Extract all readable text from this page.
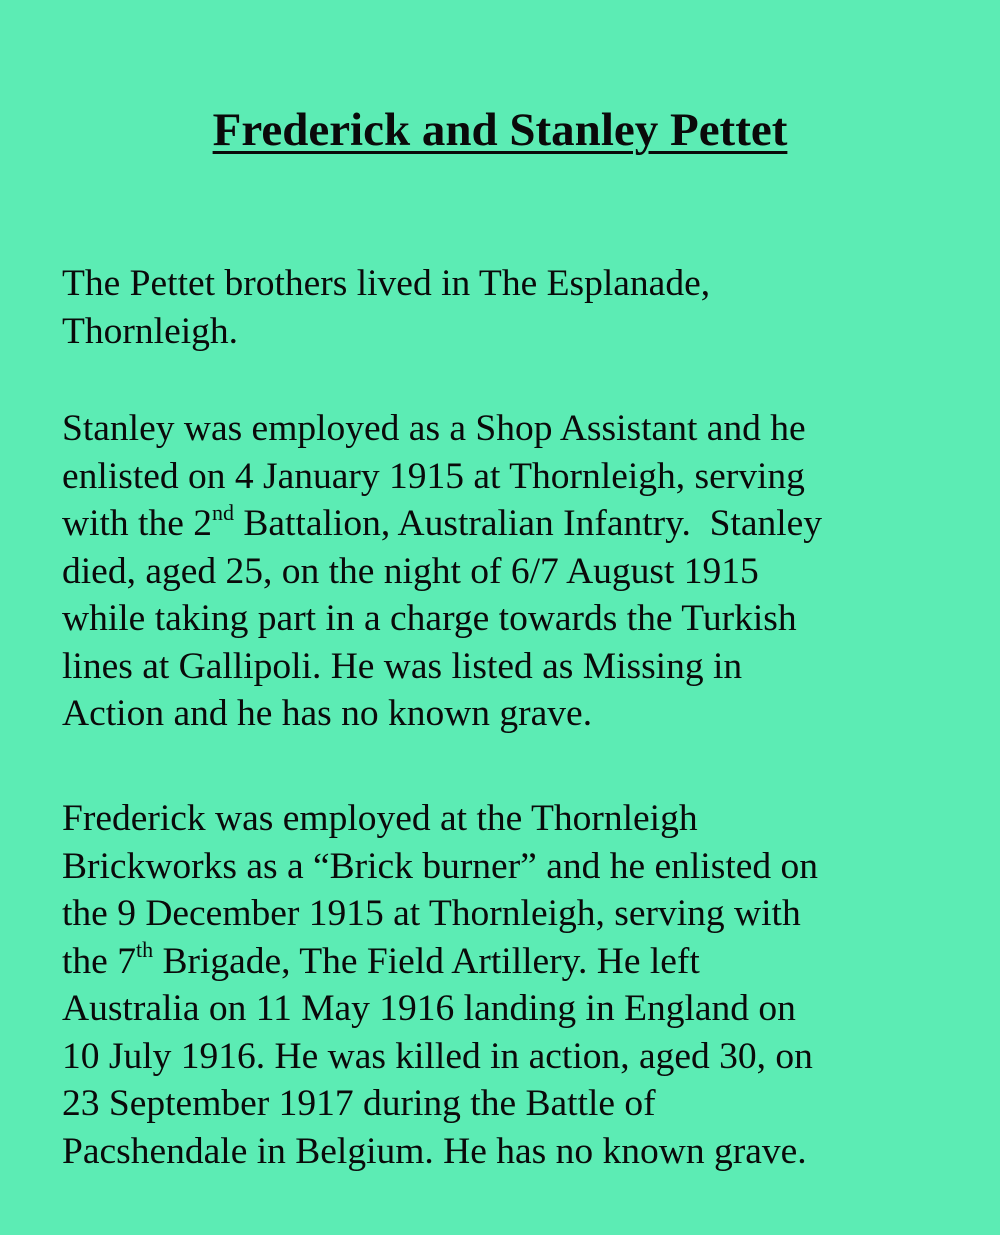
Frederick and Stanley Pettet

The Pettet brothers lived in The Esplanade,
Thornleigh.

Stanley was employed as a Shop Assistant and he
enlisted on 4 January 1915 at Thornleigh, serving
with the 2nd Battalion, Australian Infantry.  Stanley
died, aged 25, on the night of 6/7 August 1915
while taking part in a charge towards the Turkish
lines at Gallipoli. He was listed as Missing in
Action and he has no known grave.

Frederick was employed at the Thornleigh
Brickworks as a “Brick burner” and he enlisted on
the 9 December 1915 at Thornleigh, serving with
the 7th Brigade, The Field Artillery. He left
Australia on 11 May 1916 landing in England on
10 July 1916. He was killed in action, aged 30, on
23 September 1917 during the Battle of
Pacshendale in Belgium. He has no known grave.
